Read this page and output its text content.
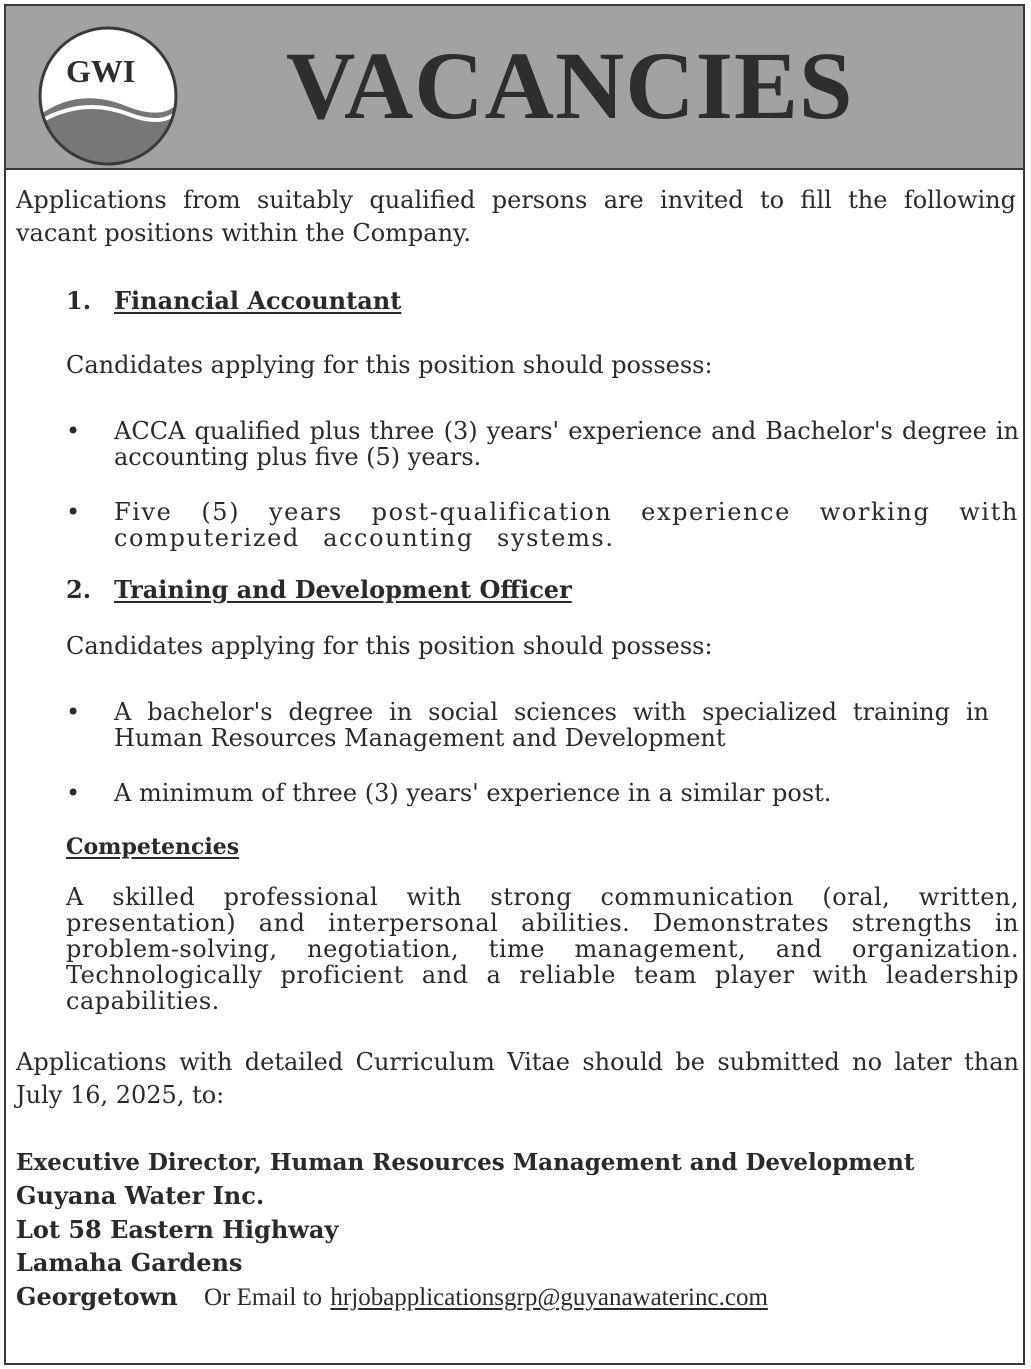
GWI VACANCIES

Applications from suitably qualified persons are invited to fill the following vacant positions within the Company.

1. Financial Accountant

Candidates applying for this position should possess:

• ACCA qualified plus three (3) years' experience and Bachelor's degree in accounting plus five (5) years.

• Five (5) years post-qualification experience working with computerized accounting systems.

2. Training and Development Officer

Candidates applying for this position should possess:

• A bachelor's degree in social sciences with specialized training in Human Resources Management and Development

• A minimum of three (3) years' experience in a similar post.

Competencies

A skilled professional with strong communication (oral, written, presentation) and interpersonal abilities. Demonstrates strengths in problem-solving, negotiation, time management, and organization. Technologically proficient and a reliable team player with leadership capabilities.

Applications with detailed Curriculum Vitae should be submitted no later than July 16, 2025, to:

Executive Director, Human Resources Management and Development

Guyana Water Inc.

Lot 58 Eastern Highway

Lamaha Gardens

Georgetown Or Email to hrjobapplicationsgrp@guyanawaterinc.com
